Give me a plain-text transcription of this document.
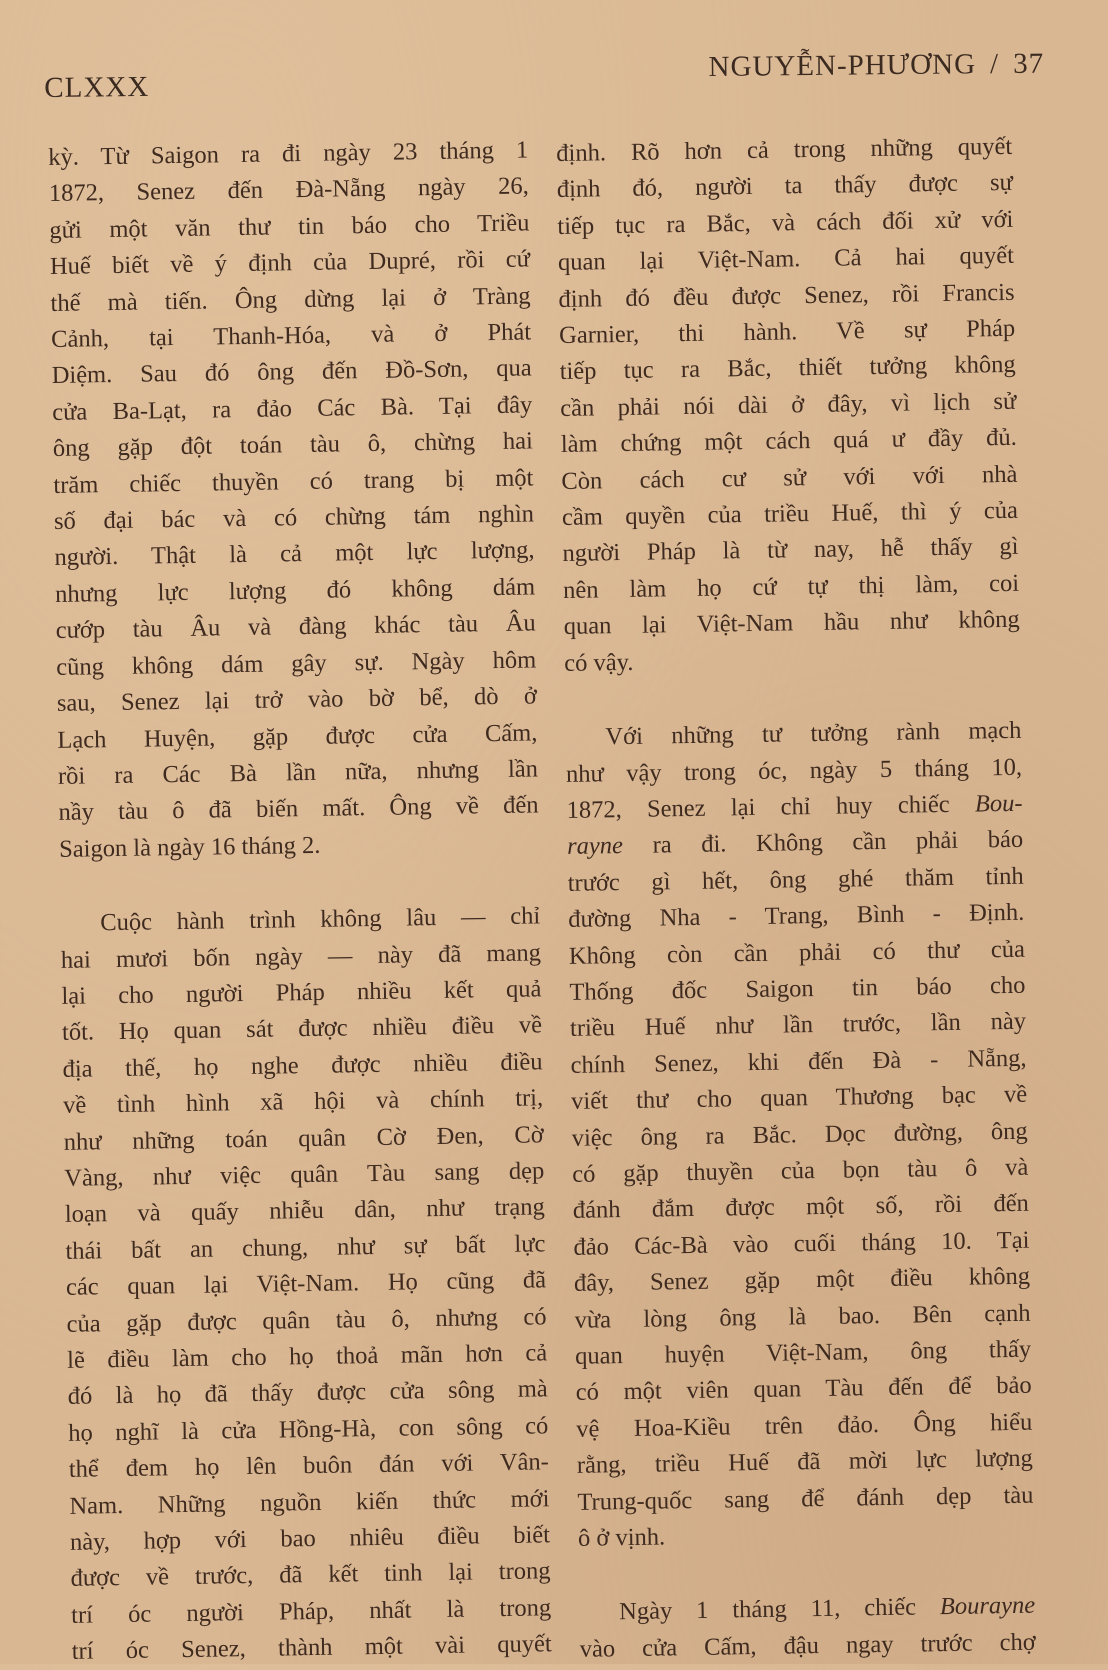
CLXXX
NGUYỄN-PHƯƠNG / 37
kỳ. Từ Saigon ra đi ngày 23 tháng 1
1872, Senez đến Đà-Nẵng ngày 26,
gửi một văn thư tin báo cho Triều
Huế biết về ý định của Dupré, rồi cứ
thế mà tiến. Ông dừng lại ở Tràng
Cảnh, tại Thanh-Hóa, và ở Phát
Diệm. Sau đó ông đến Đồ-Sơn, qua
cửa Ba-Lạt, ra đảo Các Bà. Tại đây
ông gặp đột toán tàu ô, chừng hai
trăm chiếc thuyền có trang bị một
số đại bác và có chừng tám nghìn
người. Thật là cả một lực lượng,
nhưng lực lượng đó không dám
cướp tàu Âu và đàng khác tàu Âu
cũng không dám gây sự. Ngày hôm
sau, Senez lại trở vào bờ bể, dò ở
Lạch Huyện, gặp được cửa Cấm,
rồi ra Các Bà lần nữa, nhưng lần
nầy tàu ô đã biến mất. Ông về đến
Saigon là ngày 16 tháng 2.
Cuộc hành trình không lâu — chỉ
hai mươi bốn ngày — này đã mang
lại cho người Pháp nhiều kết quả
tốt. Họ quan sát được nhiều điều về
địa thế, họ nghe được nhiều điều
về tình hình xã hội và chính trị,
như những toán quân Cờ Đen, Cờ
Vàng, như việc quân Tàu sang dẹp
loạn và quấy nhiễu dân, như trạng
thái bất an chung, như sự bất lực
các quan lại Việt-Nam. Họ cũng đã
của gặp được quân tàu ô, nhưng có
lẽ điều làm cho họ thoả mãn hơn cả
đó là họ đã thấy được cửa sông mà
họ nghĩ là cửa Hồng-Hà, con sông có
thể đem họ lên buôn đán với Vân-
Nam. Những nguồn kiến thức mới
này, hợp với bao nhiêu điều biết
được về trước, đã kết tinh lại trong
trí óc người Pháp, nhất là trong
trí óc Senez, thành một vài quyết
định. Rõ hơn cả trong những quyết
định đó, người ta thấy được sự
tiếp tục ra Bắc, và cách đối xử với
quan lại Việt-Nam. Cả hai quyết
định đó đều được Senez, rồi Francis
Garnier, thi hành. Về sự Pháp
tiếp tục ra Bắc, thiết tưởng không
cần phải nói dài ở đây, vì lịch sử
làm chứng một cách quá ư đầy đủ.
Còn cách cư sử với với nhà
cầm quyền của triều Huế, thì ý của
người Pháp là từ nay, hễ thấy gì
nên làm họ cứ tự thị làm, coi
quan lại Việt-Nam hầu như không
có vậy.
Với những tư tưởng rành mạch
như vậy trong óc, ngày 5 tháng 10,
1872, Senez lại chỉ huy chiếc Bou-
rayne ra đi. Không cần phải báo
trước gì hết, ông ghé thăm tỉnh
đường Nha - Trang, Bình - Định.
Không còn cần phải có thư của
Thống đốc Saigon tin báo cho
triều Huế như lần trước, lần này
chính Senez, khi đến Đà - Nẵng,
viết thư cho quan Thương bạc về
việc ông ra Bắc. Dọc đường, ông
có gặp thuyền của bọn tàu ô và
đánh đắm được một số, rồi đến
đảo Các-Bà vào cuối tháng 10. Tại
đây, Senez gặp một điều không
vừa lòng ông là bao. Bên cạnh
quan huyện Việt-Nam, ông thấy
có một viên quan Tàu đến để bảo
vệ Hoa-Kiều trên đảo. Ông hiểu
rằng, triều Huế đã mời lực lượng
Trung-quốc sang để đánh dẹp tàu
ô ở vịnh.
Ngày 1 tháng 11, chiếc Bourayne
vào cửa Cấm, đậu ngay trước chợ
